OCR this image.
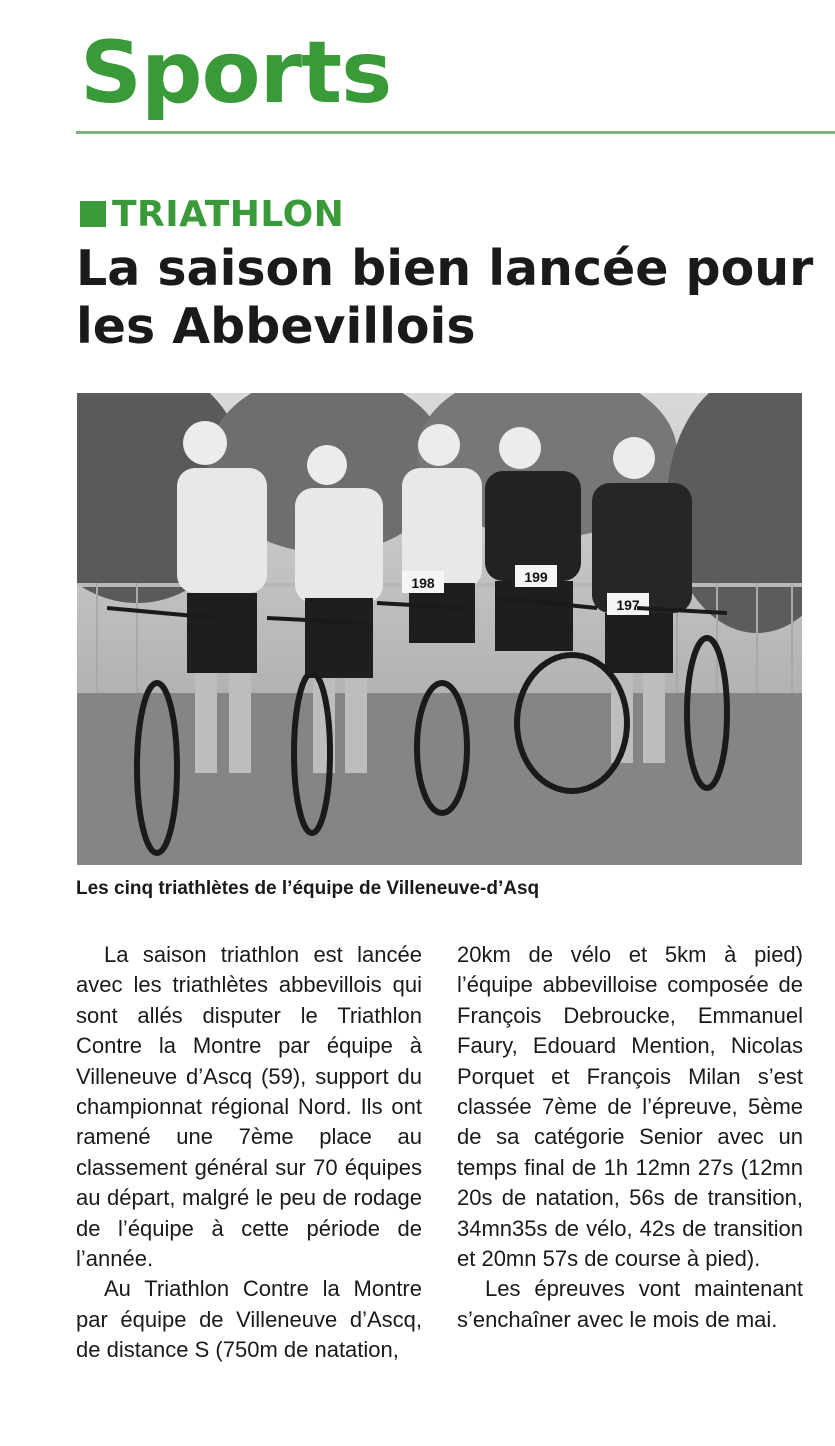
Sports
TRIATHLON
La saison bien lancée pour les Abbevillois
198	199
197
Les cinq triathlètes de l’équipe de Villeneuve-d’Asq

La saison triathlon est lancée avec les triathlètes abbevillois qui sont allés disputer le Triathlon Contre la Montre par équipe à Villeneuve d’Ascq (59), support du championnat régional Nord. Ils ont ramené une 7ème place au classement général sur 70 équipes au départ, malgré le peu de rodage de l’équipe à cette période de l’année.

Au Triathlon Contre la Montre par équipe de Villeneuve d’Ascq, de distance S (750m de natation,

20km de vélo et 5km à pied) l’équipe abbevilloise composée de François Debroucke, Emmanuel Faury, Edouard Mention, Nicolas Porquet et François Milan s’est classée 7ème de l’épreuve, 5ème de sa catégorie Senior avec un temps final de 1h 12mn 27s (12mn 20s de natation, 56s de transition, 34mn35s de vélo, 42s de transition et 20mn 57s de course à pied).

Les épreuves vont maintenant s’enchaîner avec le mois de mai.
